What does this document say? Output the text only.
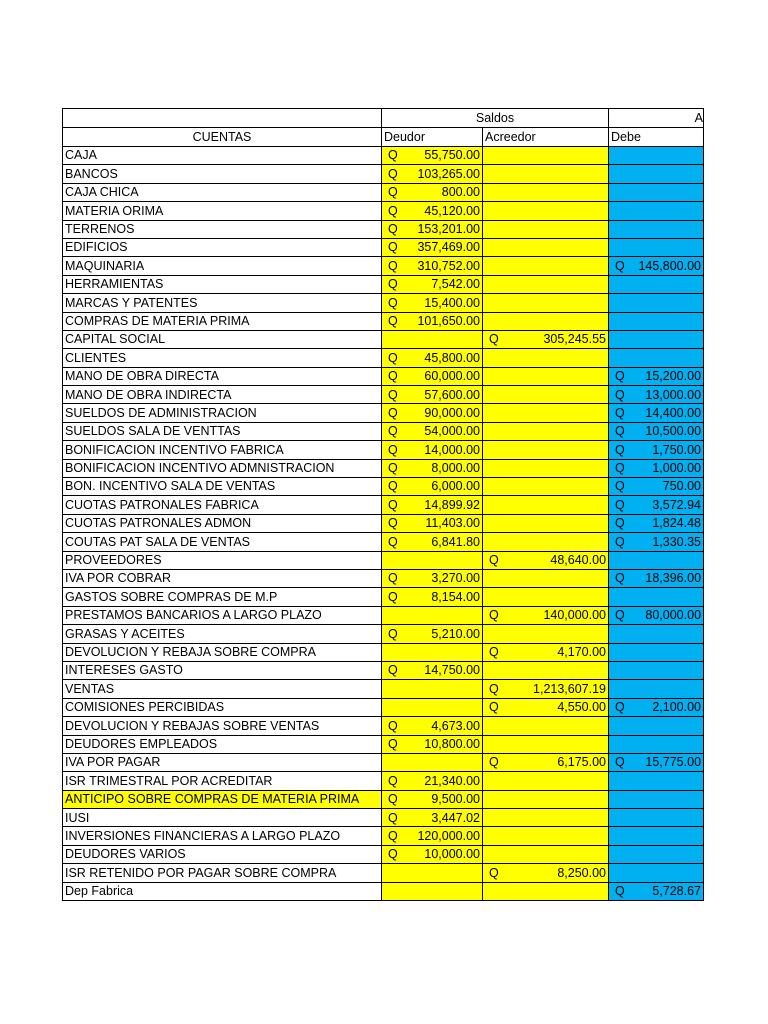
	Saldos		A
CUENTAS	Deudor	Acreedor	Debe
CAJA	Q 55,750.00		

BANCOS	Q 103,265.00		

CAJA CHICA	Q 800.00		

MATERIA ORIMA	Q 45,120.00		

TERRENOS	Q 153,201.00		

EDIFICIOS	Q 357,469.00		

MAQUINARIA	Q 310,752.00		Q 145,800.00

HERRAMIENTAS	Q 7,542.00		

MARCAS Y PATENTES	Q 15,400.00		

COMPRAS DE MATERIA PRIMA	Q 101,650.00		

CAPITAL SOCIAL		Q 305,245.55	

CLIENTES	Q 45,800.00		

MANO DE OBRA DIRECTA	Q 60,000.00		Q 15,200.00

MANO DE OBRA INDIRECTA	Q 57,600.00		Q 13,000.00

SUELDOS DE ADMINISTRACION	Q 90,000.00		Q 14,400.00

SUELDOS SALA DE VENTTAS	Q 54,000.00		Q 10,500.00

BONIFICACION INCENTIVO FABRICA	Q 14,000.00		Q 1,750.00

BONIFICACION INCENTIVO ADMNISTRACION	Q 8,000.00		Q 1,000.00

BON. INCENTIVO SALA DE VENTAS	Q 6,000.00		Q 750.00

CUOTAS PATRONALES FABRICA	Q 14,899.92		Q 3,572.94

CUOTAS PATRONALES ADMON	Q 11,403.00		Q 1,824.48

COUTAS PAT SALA DE VENTAS	Q 6,841.80		Q 1,330.35

PROVEEDORES		Q 48,640.00	

IVA POR COBRAR	Q 3,270.00		Q 18,396.00

GASTOS SOBRE COMPRAS DE M.P	Q 8,154.00		

PRESTAMOS BANCARIOS A LARGO PLAZO		Q 140,000.00	Q 80,000.00

GRASAS Y ACEITES	Q 5,210.00		

DEVOLUCION Y REBAJA SOBRE COMPRA		Q 4,170.00	

INTERESES GASTO	Q 14,750.00		

VENTAS		Q 1,213,607.19	

COMISIONES PERCIBIDAS		Q 4,550.00	Q 2,100.00

DEVOLUCION Y REBAJAS SOBRE VENTAS	Q 4,673.00		

DEUDORES EMPLEADOS	Q 10,800.00		

IVA POR PAGAR		Q 6,175.00	Q 15,775.00

ISR TRIMESTRAL POR ACREDITAR	Q 21,340.00		

ANTICIPO SOBRE COMPRAS DE MATERIA PRIMA	Q 9,500.00		

IUSI	Q 3,447.02		

INVERSIONES FINANCIERAS A LARGO PLAZO	Q 120,000.00		

DEUDORES VARIOS	Q 10,000.00		

ISR RETENIDO POR PAGAR SOBRE COMPRA		Q 8,250.00	

Dep Fabrica			Q 5,728.67
